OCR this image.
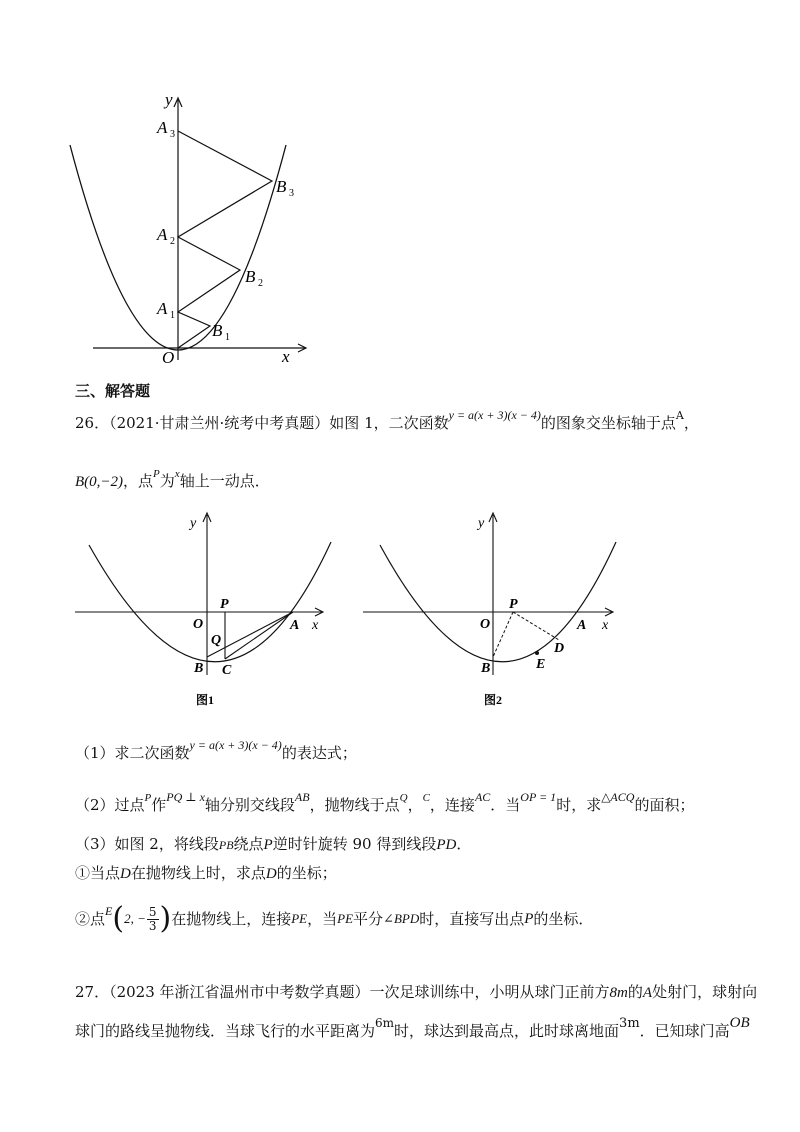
y
x
O
A 1
A 2
A 3
B 1
B 2
B 3
三、解答题
26．（2021·甘肃兰州·统考中考真题）如图 1，二次函数$^{y = a(x + 3)(x - 4)}$的图象交坐标轴于点$^A$，
B(0,−2)，点$^P$为$^x$轴上一动点．
y
x
O
P
Q
A
B C
图1
y
x
O
P
A
B
D
E
图2
（1）求二次函数$^{y = a(x + 3)(x - 4)}$的表达式；
（2）过点$^P$作$^{PQ \perp x}$轴分别交线段$^{AB}$，抛物线于点$^Q$，$^C$，连接$^{AC}$．当$^{OP = 1}$时，求$^{\triangle ACQ}$的面积；
（3）如图 2，将线段PB绕点P逆时针旋转 90 得到线段PD．
①当点D在抛物线上时，求点D的坐标；
②点 E ( 2, − $\frac{5}{3}$ ) 在抛物线上，连接 PE ，当 PE 平分 ∠BPD 时，直接写出点 P 的坐标．
27．（2023 年浙江省温州市中考数学真题）一次足球训练中，小明从球门正前方8m的A处射门，球射向
球门的路线呈抛物线．当球飞行的水平距离为$^{6m}$时，球达到最高点，此时球离地面3m．已知球门高OB
